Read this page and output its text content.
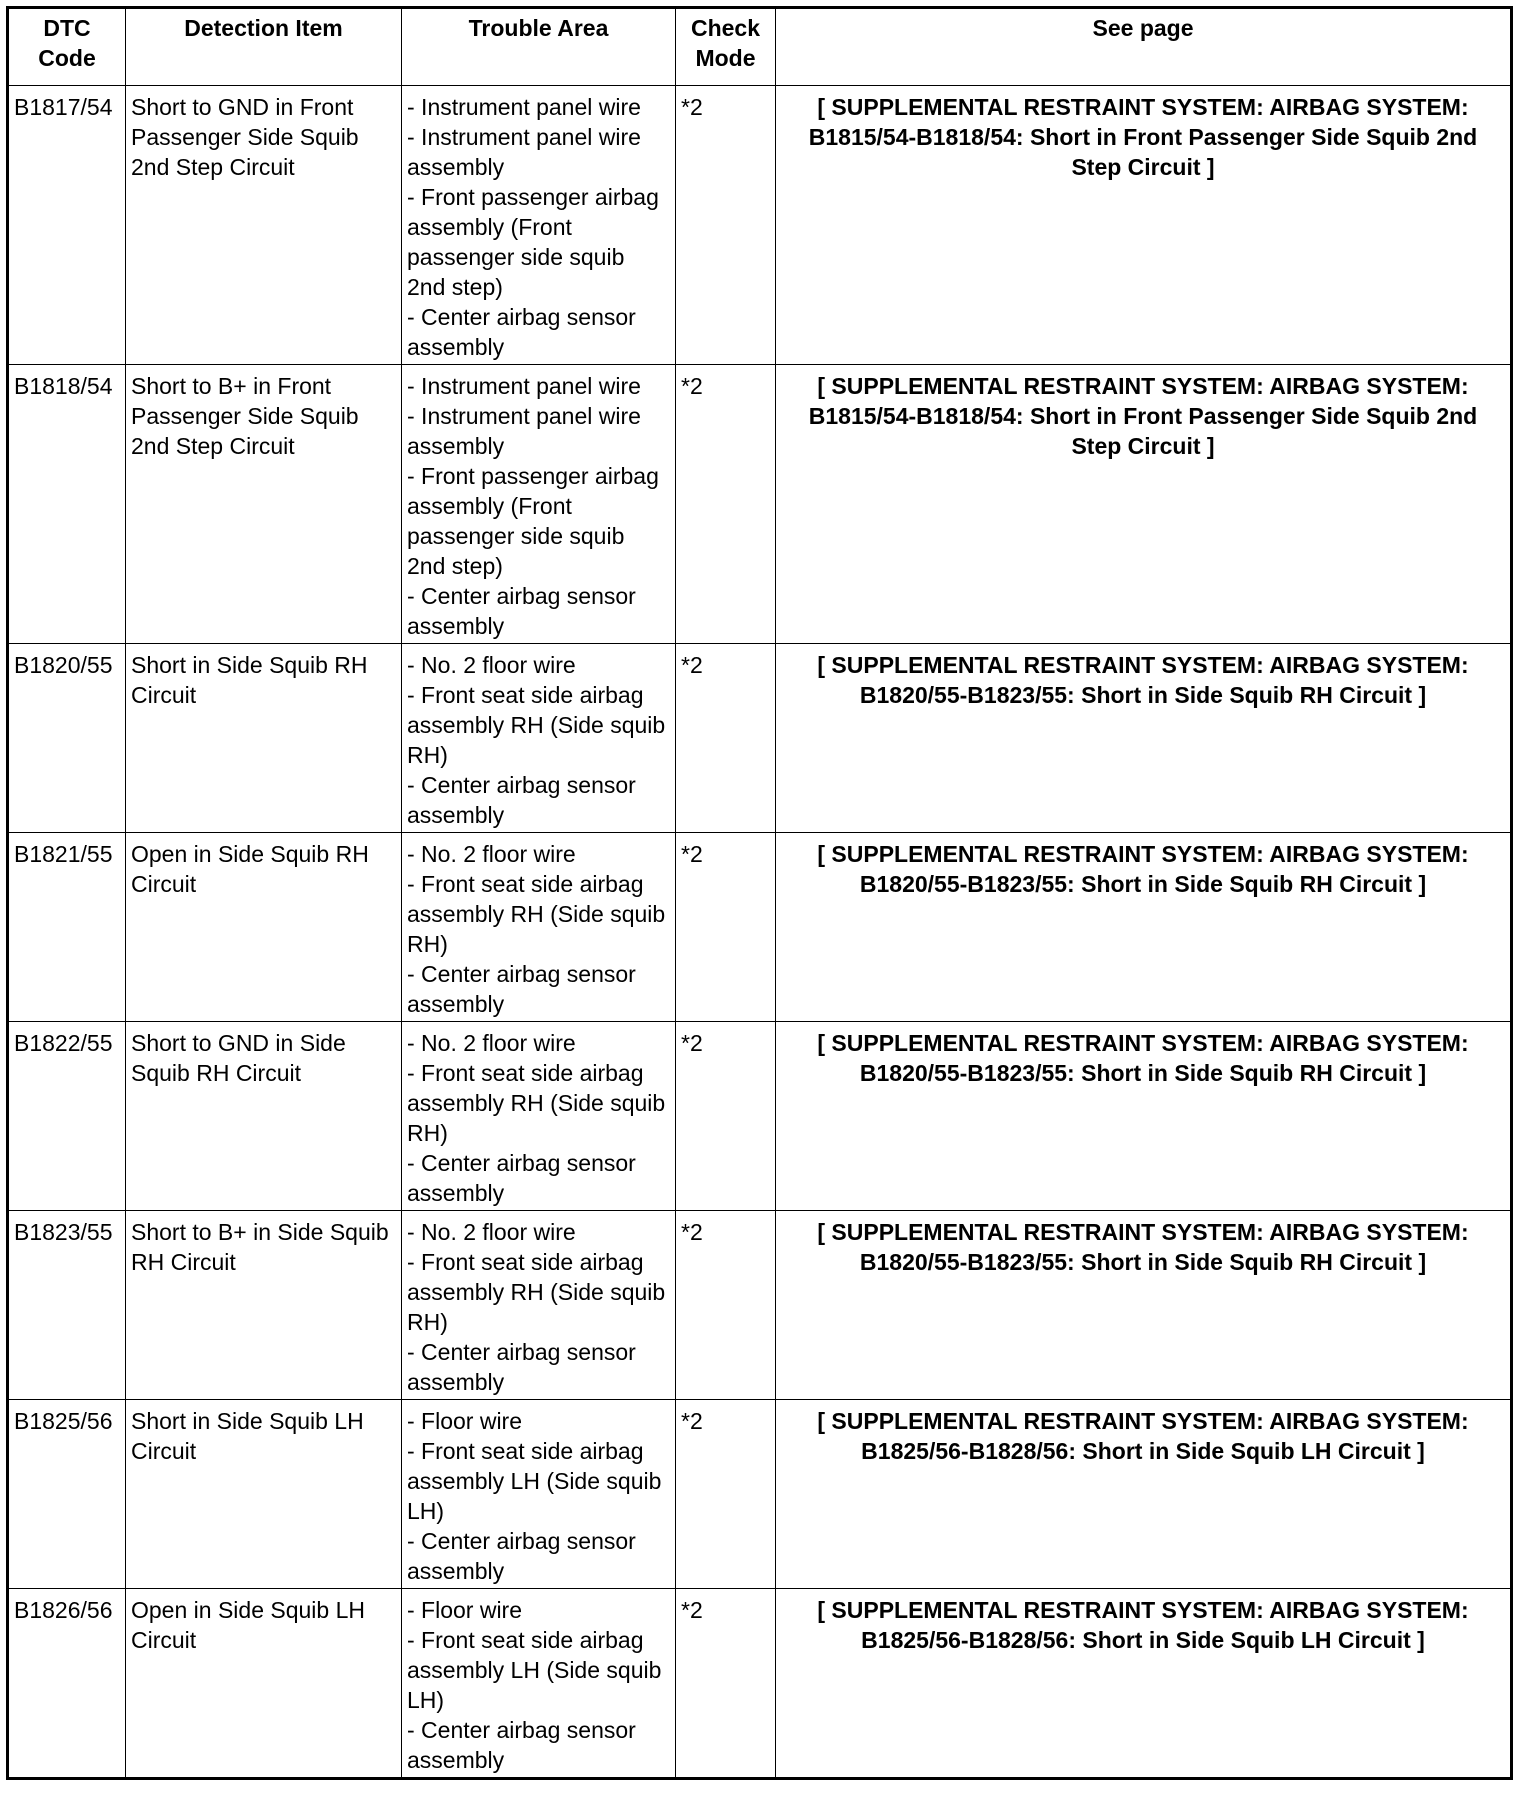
DTC
Code	Detection Item	Trouble Area	Check
Mode	See page
B1817/54	Short to GND in Front Passenger Side Squib 2nd Step Circuit	- Instrument panel wire
- Instrument panel wire assembly
- Front passenger airbag assembly (Front passenger side squib 2nd step)
- Center airbag sensor assembly	*2	[ SUPPLEMENTAL RESTRAINT SYSTEM: AIRBAG SYSTEM: B1815/54-B1818/54: Short in Front Passenger Side Squib 2nd Step Circuit ]
B1818/54	Short to B+ in Front Passenger Side Squib 2nd Step Circuit	- Instrument panel wire
- Instrument panel wire assembly
- Front passenger airbag assembly (Front passenger side squib 2nd step)
- Center airbag sensor assembly	*2	[ SUPPLEMENTAL RESTRAINT SYSTEM: AIRBAG SYSTEM: B1815/54-B1818/54: Short in Front Passenger Side Squib 2nd Step Circuit ]
B1820/55	Short in Side Squib RH Circuit	- No. 2 floor wire
- Front seat side airbag assembly RH (Side squib RH)
- Center airbag sensor assembly	*2	[ SUPPLEMENTAL RESTRAINT SYSTEM: AIRBAG SYSTEM: B1820/55-B1823/55: Short in Side Squib RH Circuit ]
B1821/55	Open in Side Squib RH Circuit	- No. 2 floor wire
- Front seat side airbag assembly RH (Side squib RH)
- Center airbag sensor assembly	*2	[ SUPPLEMENTAL RESTRAINT SYSTEM: AIRBAG SYSTEM: B1820/55-B1823/55: Short in Side Squib RH Circuit ]
B1822/55	Short to GND in Side Squib RH Circuit	- No. 2 floor wire
- Front seat side airbag assembly RH (Side squib RH)
- Center airbag sensor assembly	*2	[ SUPPLEMENTAL RESTRAINT SYSTEM: AIRBAG SYSTEM: B1820/55-B1823/55: Short in Side Squib RH Circuit ]
B1823/55	Short to B+ in Side Squib RH Circuit	- No. 2 floor wire
- Front seat side airbag assembly RH (Side squib RH)
- Center airbag sensor assembly	*2	[ SUPPLEMENTAL RESTRAINT SYSTEM: AIRBAG SYSTEM: B1820/55-B1823/55: Short in Side Squib RH Circuit ]
B1825/56	Short in Side Squib LH Circuit	- Floor wire
- Front seat side airbag assembly LH (Side squib LH)
- Center airbag sensor assembly	*2	[ SUPPLEMENTAL RESTRAINT SYSTEM: AIRBAG SYSTEM: B1825/56-B1828/56: Short in Side Squib LH Circuit ]
B1826/56	Open in Side Squib LH Circuit	- Floor wire
- Front seat side airbag assembly LH (Side squib LH)
- Center airbag sensor assembly	*2	[ SUPPLEMENTAL RESTRAINT SYSTEM: AIRBAG SYSTEM: B1825/56-B1828/56: Short in Side Squib LH Circuit ]
